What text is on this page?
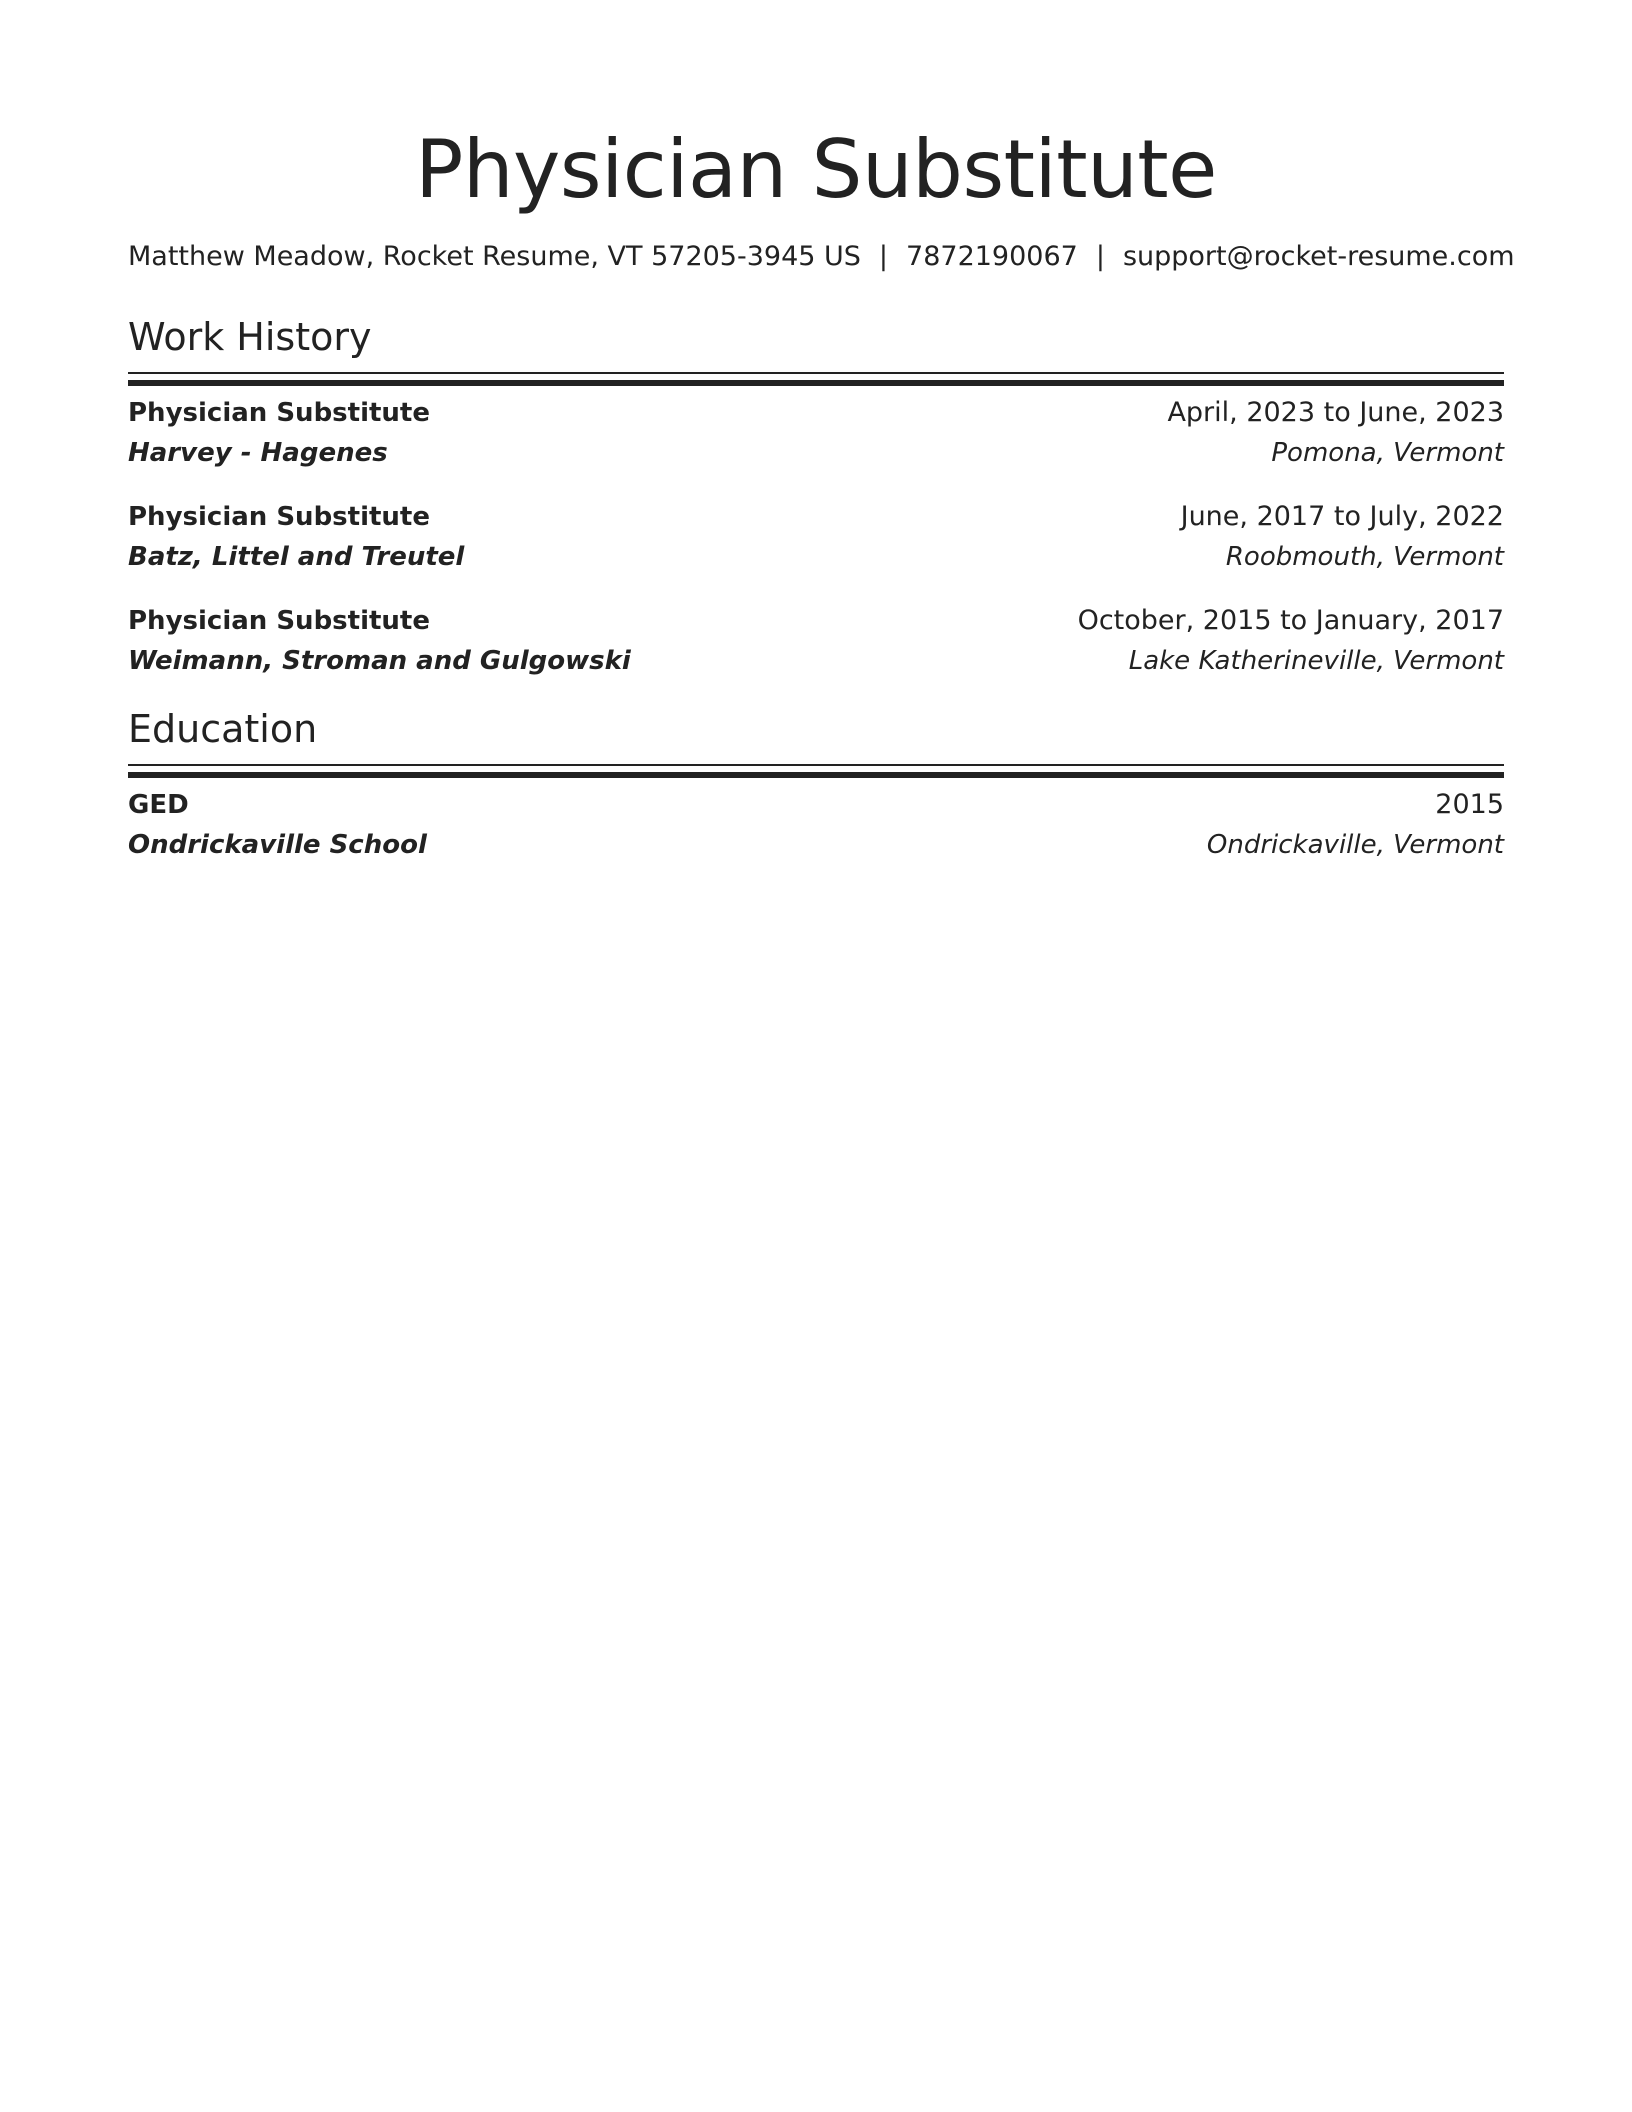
Physician Substitute
Matthew Meadow, Rocket Resume, VT 57205-3945 US | 7872190067 | support@rocket-resume.com
Work History
Physician Substitute	April, 2023 to June, 2023
Harvey - Hagenes	Pomona, Vermont
Physician Substitute	June, 2017 to July, 2022
Batz, Littel and Treutel	Roobmouth, Vermont
Physician Substitute	October, 2015 to January, 2017
Weimann, Stroman and Gulgowski	Lake Katherineville, Vermont
Education
GED	2015
Ondrickaville School	Ondrickaville, Vermont
